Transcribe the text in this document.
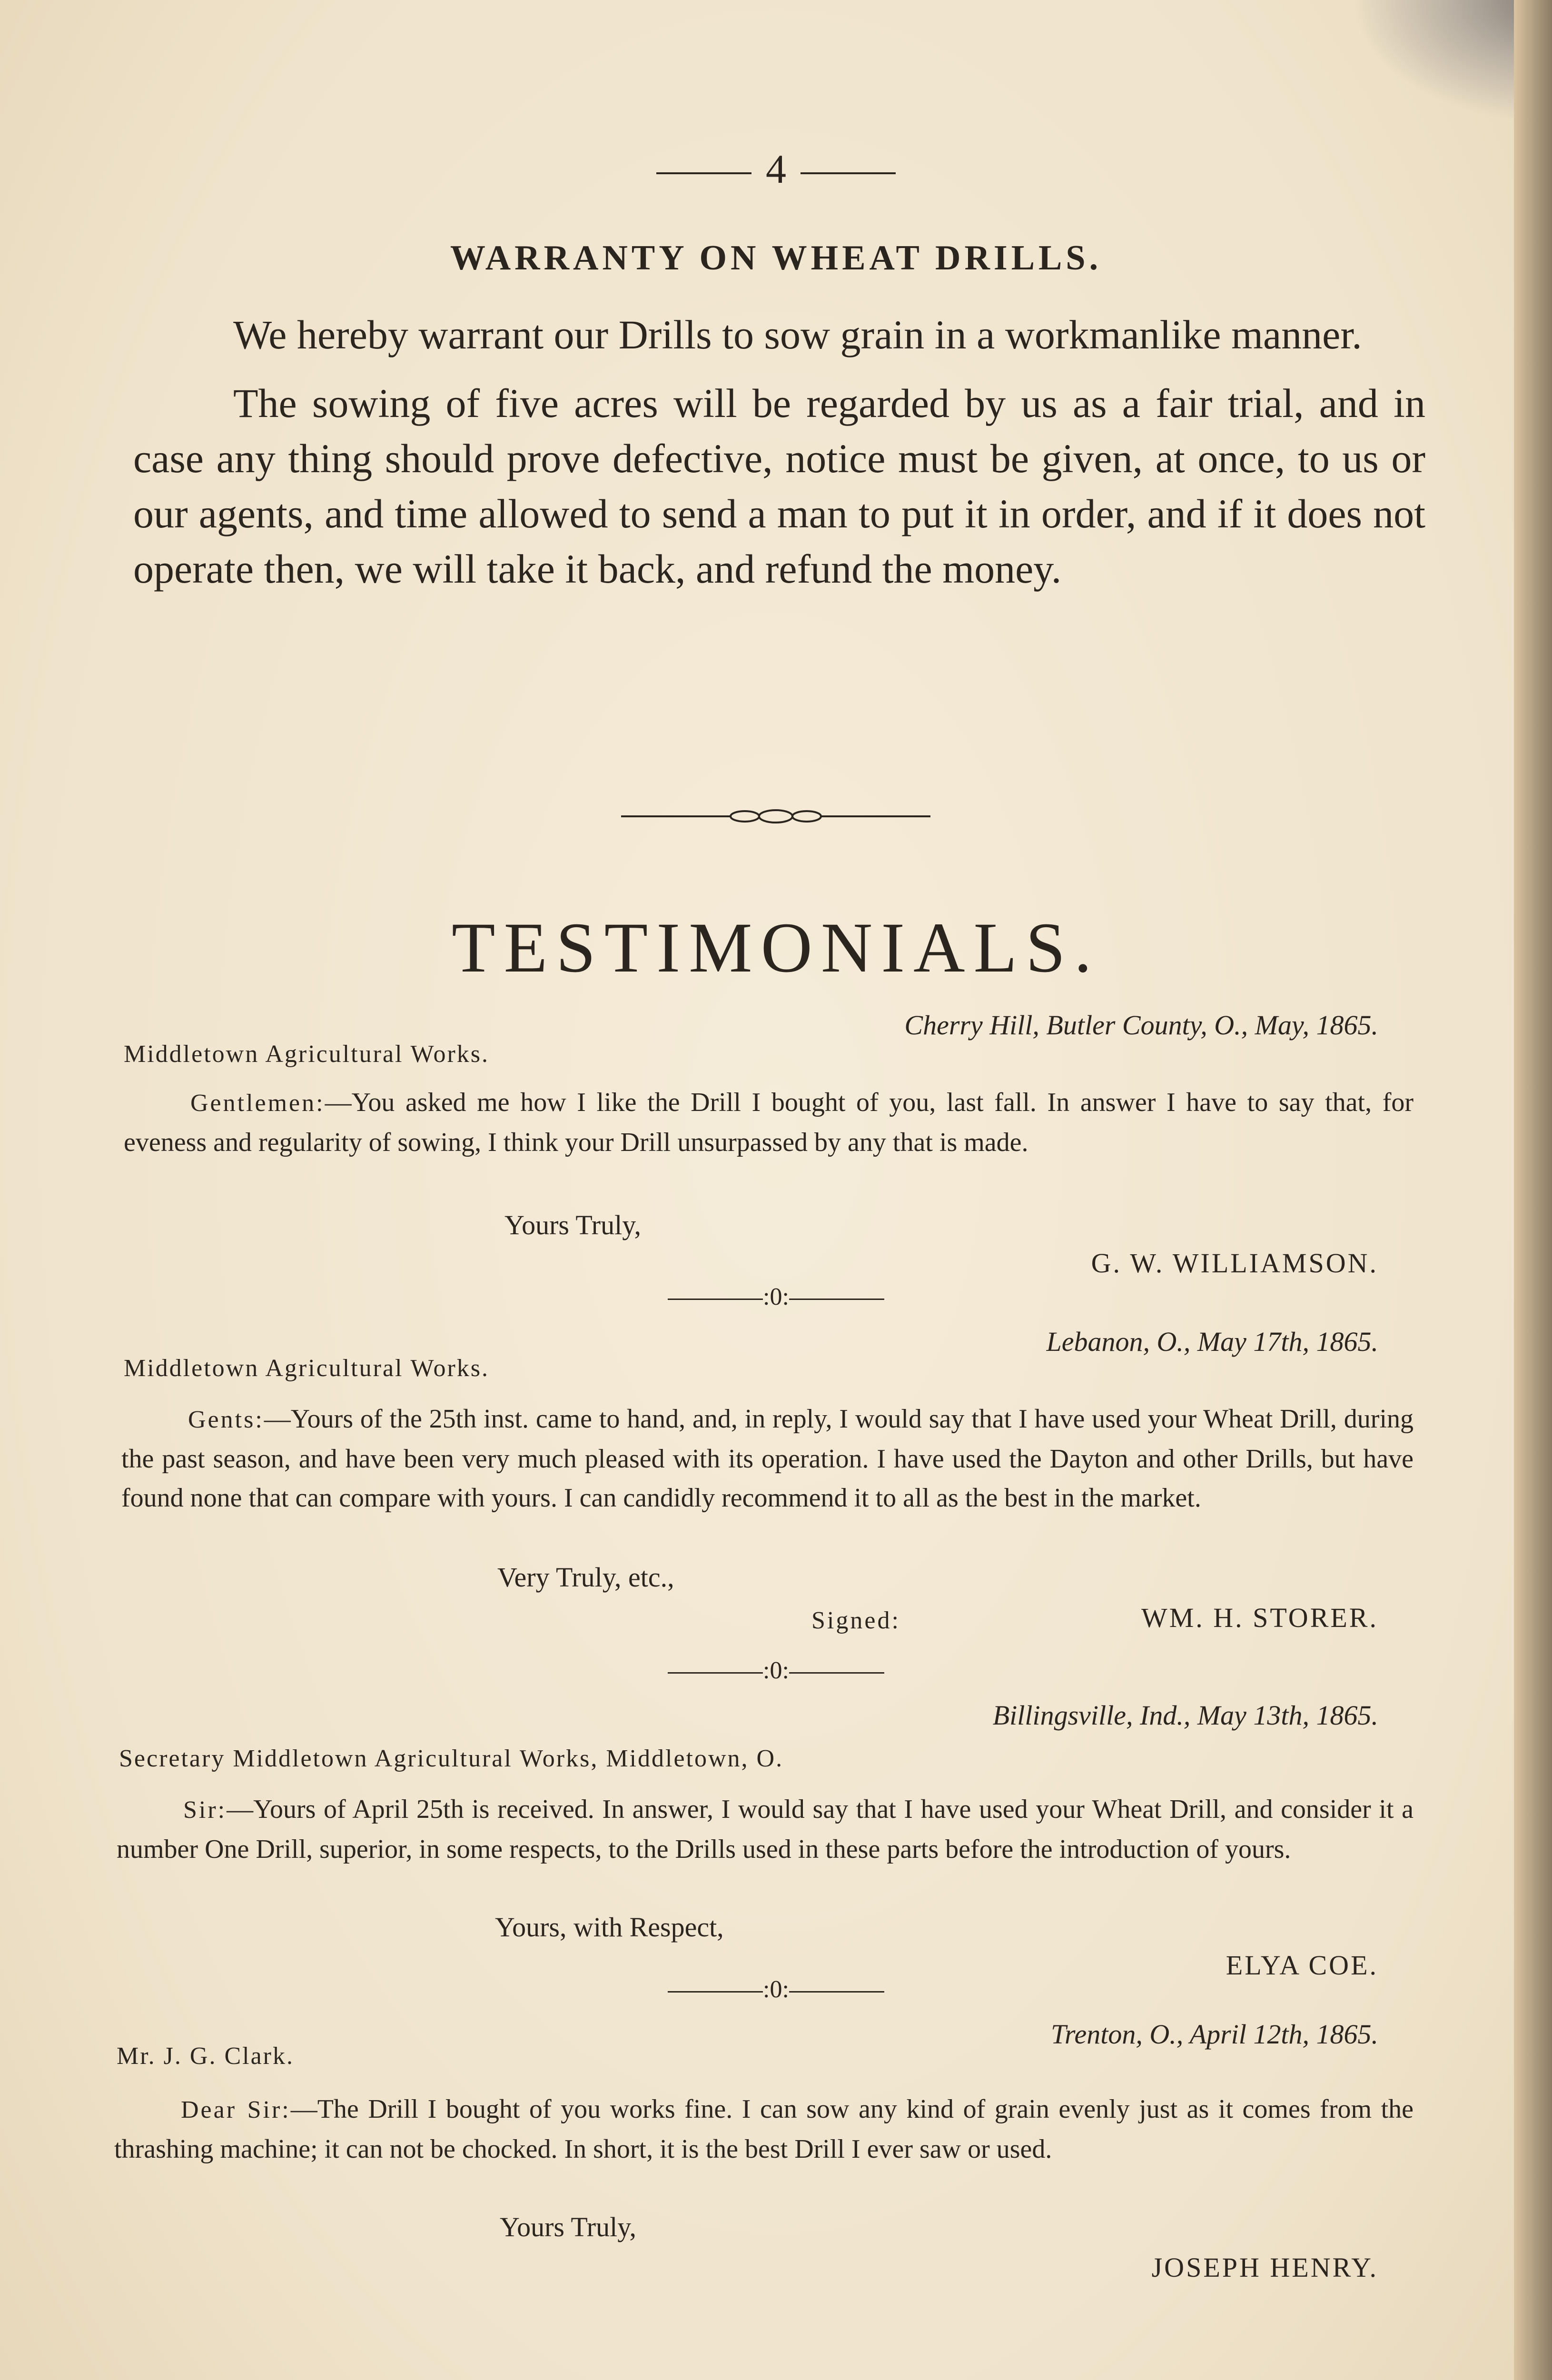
4
WARRANTY ON WHEAT DRILLS.

We hereby warrant our Drills to sow grain in a workmanlike manner.

The sowing of five acres will be regarded by us as a fair trial, and in case any thing should prove defective, notice must be given, at once, to us or our agents, and time allowed to send a man to put it in order, and if it does not operate then, we will take it back, and refund the money.

TESTIMONIALS.
Cherry Hill, Butler County, O., May, 1865.
Middletown Agricultural Works.

Gentlemen:—You asked me how I like the Drill I bought of you, last fall. In answer I have to say that, for eveness and regularity of sowing, I think your Drill unsurpassed by any that is made.

Yours Truly,
G. W. WILLIAMSON.
:0:
Lebanon, O., May 17th, 1865.
Middletown Agricultural Works.

Gents:—Yours of the 25th inst. came to hand, and, in reply, I would say that I have used your Wheat Drill, during the past season, and have been very much pleased with its operation. I have used the Dayton and other Drills, but have found none that can compare with yours. I can candidly recommend it to all as the best in the market.

Very Truly, etc.,
Signed:	WM. H. STORER.
:0:
Billingsville, Ind., May 13th, 1865.
Secretary Middletown Agricultural Works, Middletown, O.

Sir:—Yours of April 25th is received. In answer, I would say that I have used your Wheat Drill, and consider it a number One Drill, superior, in some respects, to the Drills used in these parts before the introduction of yours.

Yours, with Respect,
ELYA COE.
:0:
Trenton, O., April 12th, 1865.
Mr. J. G. Clark.

Dear Sir:—The Drill I bought of you works fine. I can sow any kind of grain evenly just as it comes from the thrashing machine; it can not be chocked. In short, it is the best Drill I ever saw or used.

Yours Truly,
JOSEPH HENRY.
